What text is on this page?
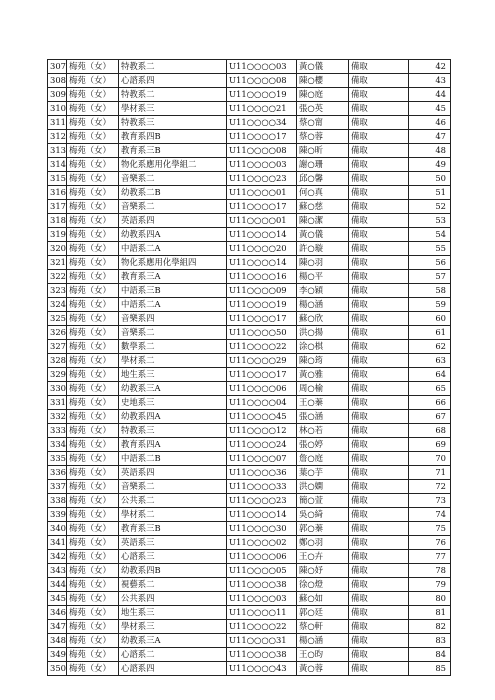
307	梅苑（女）	特教系二	U11○○○○03	黃○儀	備取	42
308	梅苑（女）	心諮系四	U11○○○○08	陳○櫻	備取	43
309	梅苑（女）	特教系二	U11○○○○19	陳○庭	備取	44
310	梅苑（女）	學材系三	U11○○○○21	張○英	備取	45
311	梅苑（女）	特教系三	U11○○○○34	蔡○甯	備取	46
312	梅苑（女）	教育系四B	U11○○○○17	蔡○蓉	備取	47
313	梅苑（女）	教育系三B	U11○○○○08	陳○昕	備取	48
314	梅苑（女）	物化系應用化學組二	U11○○○○03	謝○珊	備取	49
315	梅苑（女）	音樂系二	U11○○○○23	邱○馨	備取	50
316	梅苑（女）	幼教系二B	U11○○○○01	何○真	備取	51
317	梅苑（女）	音樂系二	U11○○○○17	蘇○慈	備取	52
318	梅苑（女）	英語系四	U11○○○○01	陳○潔	備取	53
319	梅苑（女）	幼教系四A	U11○○○○14	黃○儀	備取	54
320	梅苑（女）	中語系二A	U11○○○○20	許○璇	備取	55
321	梅苑（女）	物化系應用化學組四	U11○○○○14	陳○羽	備取	56
322	梅苑（女）	教育系三A	U11○○○○16	楊○平	備取	57
323	梅苑（女）	中語系三B	U11○○○○09	李○穎	備取	58
324	梅苑（女）	中語系二A	U11○○○○19	楊○涵	備取	59
325	梅苑（女）	音樂系四	U11○○○○17	蘇○欣	備取	60
326	梅苑（女）	音樂系二	U11○○○○50	洪○揚	備取	61
327	梅苑（女）	數學系二	U11○○○○22	涂○棋	備取	62
328	梅苑（女）	學材系二	U11○○○○29	陳○筠	備取	63
329	梅苑（女）	地生系三	U11○○○○17	黃○雅	備取	64
330	梅苑（女）	幼教系三A	U11○○○○06	周○榆	備取	65
331	梅苑（女）	史地系三	U11○○○○04	王○蓁	備取	66
332	梅苑（女）	幼教系四A	U11○○○○45	張○涵	備取	67
333	梅苑（女）	特教系三	U11○○○○12	林○若	備取	68
334	梅苑（女）	教育系四A	U11○○○○24	張○婷	備取	69
335	梅苑（女）	中語系二B	U11○○○○07	詹○庭	備取	70
336	梅苑（女）	英語系四	U11○○○○36	葉○芋	備取	71
337	梅苑（女）	音樂系二	U11○○○○33	洪○嫻	備取	72
338	梅苑（女）	公共系二	U11○○○○23	簡○萱	備取	73
339	梅苑（女）	學材系二	U11○○○○14	吳○綺	備取	74
340	梅苑（女）	教育系三B	U11○○○○30	郭○蓁	備取	75
341	梅苑（女）	英語系三	U11○○○○02	鄭○羽	備取	76
342	梅苑（女）	心諮系三	U11○○○○06	王○卉	備取	77
343	梅苑（女）	幼教系四B	U11○○○○05	陳○妤	備取	78
344	梅苑（女）	視藝系二	U11○○○○38	徐○燈	備取	79
345	梅苑（女）	公共系四	U11○○○○03	蘇○如	備取	80
346	梅苑（女）	地生系三	U11○○○○11	郭○廷	備取	81
347	梅苑（女）	學材系三	U11○○○○22	蔡○軒	備取	82
348	梅苑（女）	幼教系三A	U11○○○○31	楊○涵	備取	83
349	梅苑（女）	心諮系二	U11○○○○38	王○昀	備取	84
350	梅苑（女）	心諮系四	U11○○○○43	黃○蓉	備取	85
